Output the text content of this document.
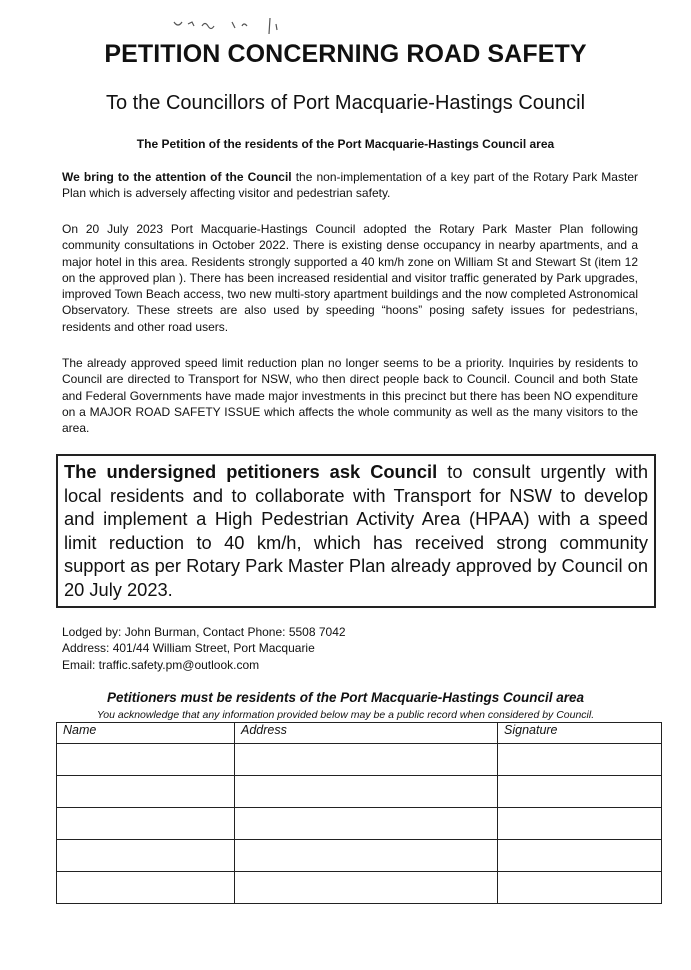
PETITION CONCERNING ROAD SAFETY
To the Councillors of Port Macquarie-Hastings Council

The Petition of the residents of the Port Macquarie-Hastings Council area

We bring to the attention of the Council the non-implementation of a key part of the Rotary Park Master Plan which is adversely affecting visitor and pedestrian safety.

On 20 July 2023 Port Macquarie-Hastings Council adopted the Rotary Park Master Plan following community consultations in October 2022. There is existing dense occupancy in nearby apartments, and a major hotel in this area. Residents strongly supported a 40 km/h zone on William St and Stewart St (item 12 on the approved plan ). There has been increased residential and visitor traffic generated by Park upgrades, improved Town Beach access, two new multi-story apartment buildings and the now completed Astronomical Observatory. These streets are also used by speeding “hoons” posing safety issues for pedestrians, residents and other road users.

The already approved speed limit reduction plan no longer seems to be a priority. Inquiries by residents to Council are directed to Transport for NSW, who then direct people back to Council. Council and both State and Federal Governments have made major investments in this precinct but there has been NO expenditure on a MAJOR ROAD SAFETY ISSUE which affects the whole community as well as the many visitors to the area.

The undersigned petitioners ask Council to consult urgently with local residents and to collaborate with Transport for NSW to develop and implement a High Pedestrian Activity Area (HPAA) with a speed limit reduction to 40 km/h, which has received strong community support as per Rotary Park Master Plan already approved by Council on 20 July 2023.

Lodged by: John Burman, Contact Phone: 5508 7042
Address: 401/44 William Street, Port Macquarie
Email: traffic.safety.pm@outlook.com

Petitioners must be residents of the Port Macquarie-Hastings Council area

You acknowledge that any information provided below may be a public record when considered by Council.

Name	Address	Signature
